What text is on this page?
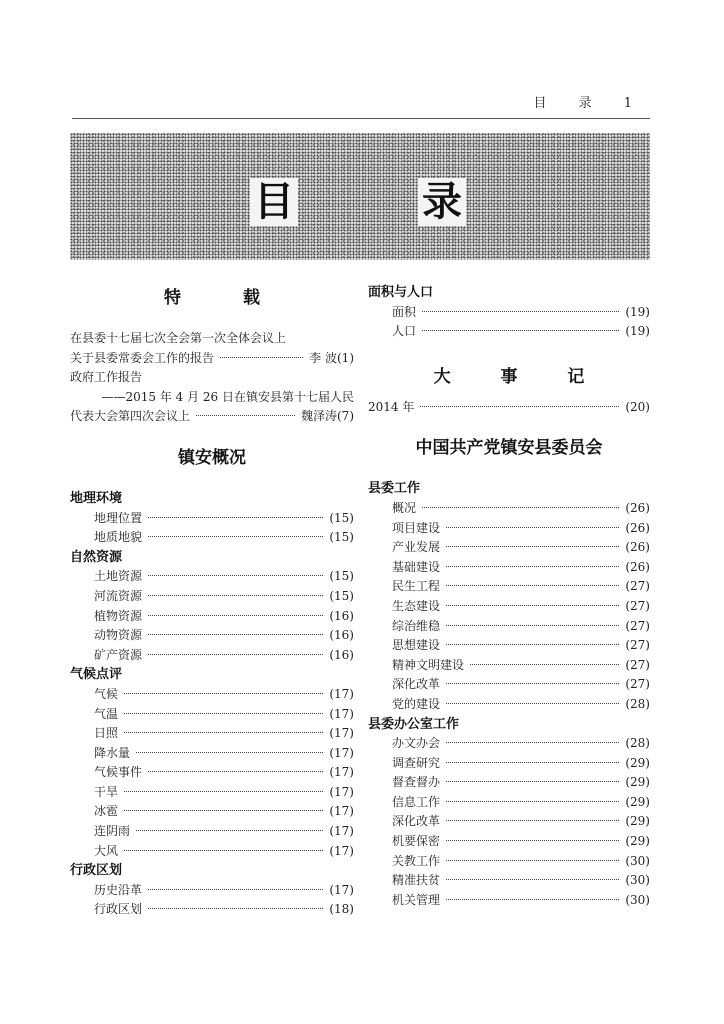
目 录 1
目	录
特 载
在县委十七届七次全会第一次全体会议上
关于县委常委会工作的报告	李 波 (1)
政府工作报告
——2015 年 4 月 26 日在镇安县第十七届人民
代表大会第四次会议上	魏泽涛 (7)
镇安概况
地理环境
地理位置	(15)
地质地貌	(15)
自然资源
土地资源	(15)
河流资源	(15)
植物资源	(16)
动物资源	(16)
矿产资源	(16)
气候点评
气候	(17)
气温	(17)
日照	(17)
降水量	(17)
气候事件	(17)
干旱	(17)
冰雹	(17)
连阴雨	(17)
大风	(17)
行政区划
历史沿革	(17)
行政区划	(18)
面积与人口
面积	(19)
人口	(19)
大 事 记
2014 年	(20)
中国共产党镇安县委员会
县委工作
概况	(26)
项目建设	(26)
产业发展	(26)
基础建设	(26)
民生工程	(27)
生态建设	(27)
综治维稳	(27)
思想建设	(27)
精神文明建设	(27)
深化改革	(27)
党的建设	(28)
县委办公室工作
办文办会	(28)
调查研究	(29)
督查督办	(29)
信息工作	(29)
深化改革	(29)
机要保密	(29)
关教工作	(30)
精准扶贫	(30)
机关管理	(30)
